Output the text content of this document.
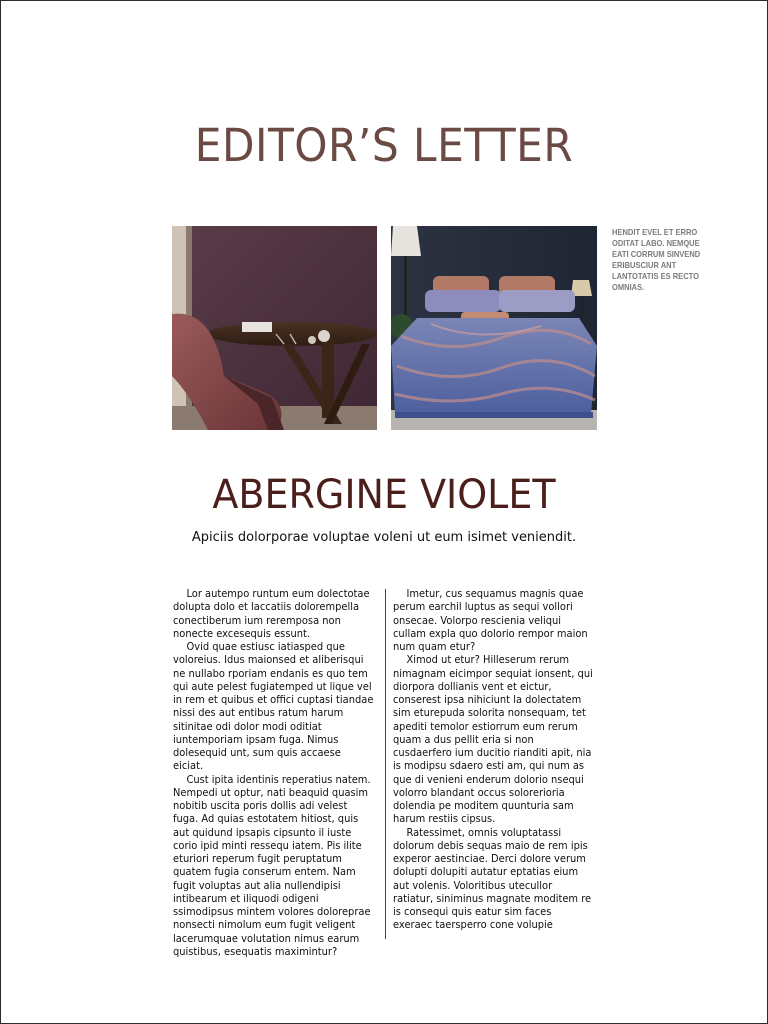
EDITOR’S LETTER
HENDIT EVEL ET ERRO ODITAT LABO. NEMQUE EATI CORRUM SINVEND ERIBUSCIUR ANT LANTOTATIS ES RECTO OMNIAS.
ABERGINE VIOLET
Apiciis dolorporae voluptae voleni ut eum isimet veniendit.

Lor autempo runtum eum dolectotae dolupta dolo et laccatiis dolorempella conectiberum ium reremposa non nonecte excesequis essunt.

Ovid quae estiusc iatiasped que voloreius. Idus maionsed et aliberisqui ne nullabo rporiam endanis es quo tem qui aute pelest fugiatemped ut lique vel in rem et quibus et offici cuptasi tiandae nissi des aut entibus ratum harum sitinitae odi dolor modi oditiat iuntemporiam ipsam fuga. Nimus dolesequid unt, sum quis accaese eiciat.

Cust ipita identinis reperatius natem. Nempedi ut optur, nati beaquid quasim nobitib uscita poris dollis adi velest fuga. Ad quias estotatem hitiost, quis aut quidund ipsapis cipsunto il iuste corio ipid minti ressequ iatem. Pis ilite eturiori reperum fugit peruptatum quatem fugia conserum entem. Nam fugit voluptas aut alia nullendipisi intibearum et iliquodi odigeni ssimodipsus mintem volores doloreprae nonsecti nimolum eum fugit veligent lacerumquae volutation nimus earum quistibus, esequatis maximintur?

Imetur, cus sequamus magnis quae perum earchil luptus as sequi vollori onsecae. Volorpo rescienia veliqui cullam expla quo dolorio rempor maion num quam etur?

Ximod ut etur? Hilleserum rerum nimagnam eicimpor sequiat ionsent, qui diorpora dollianis vent et eictur, conserest ipsa nihiciunt la dolectatem sim eturepuda solorita nonsequam, tet apediti temolor estiorrum eum rerum quam a dus pellit eria si non cusdaerfero ium ducitio rianditi apit, nia is modipsu sdaero esti am, qui num as que di venieni enderum dolorio nsequi volorro blandant occus solorerioria dolendia pe moditem quunturia sam harum restiis cipsus.

Ratessimet, omnis voluptatassi dolorum debis sequas maio de rem ipis experor aestinciae. Derci dolore verum dolupti dolupiti autatur eptatias eium aut volenis. Voloritibus utecullor ratiatur, siniminus magnate moditem re is consequi quis eatur sim faces exeraec taersperro cone volupie
